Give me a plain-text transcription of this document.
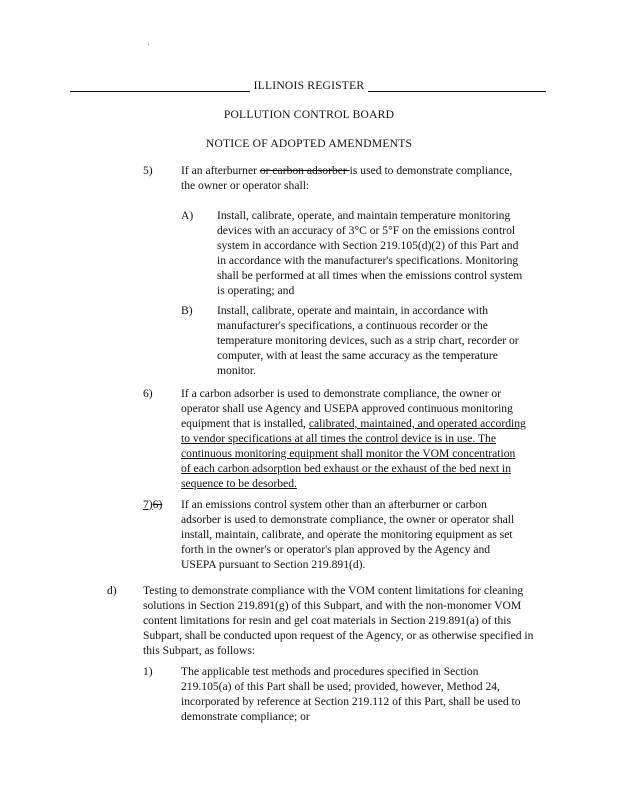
ILLINOIS REGISTER
POLLUTION CONTROL BOARD
NOTICE OF ADOPTED AMENDMENTS
5) If an afterburner or carbon adsorber is used to demonstrate compliance,
the owner or operator shall:

A) Install, calibrate, operate, and maintain temperature monitoring devices with an accuracy of 3°C or 5°F on the emissions control system in accordance with Section 219.105(d)(2) of this Part and in accordance with the manufacturer's specifications. Monitoring shall be performed at all times when the emissions control system is operating; and

B) Install, calibrate, operate and maintain, in accordance with manufacturer's specifications, a continuous recorder or the temperature monitoring devices, such as a strip chart, recorder or computer, with at least the same accuracy as the temperature monitor.

6) If a carbon adsorber is used to demonstrate compliance, the owner or operator shall use Agency and USEPA approved continuous monitoring equipment that is installed, calibrated, maintained, and operated according to vendor specifications at all times the control device is in use. The continuous monitoring equipment shall monitor the VOM concentration of each carbon adsorption bed exhaust or the exhaust of the bed next in sequence to be desorbed.

7)6) If an emissions control system other than an afterburner or carbon adsorber is used to demonstrate compliance, the owner or operator shall install, maintain, calibrate, and operate the monitoring equipment as set forth in the owner's or operator's plan approved by the Agency and USEPA pursuant to Section 219.891(d).

d) Testing to demonstrate compliance with the VOM content limitations for cleaning solutions in Section 219.891(g) of this Subpart, and with the non-monomer VOM content limitations for resin and gel coat materials in Section 219.891(a) of this Subpart, shall be conducted upon request of the Agency, or as otherwise specified in this Subpart, as follows:

1) The applicable test methods and procedures specified in Section 219.105(a) of this Part shall be used; provided, however, Method 24, incorporated by reference at Section 219.112 of this Part, shall be used to demonstrate compliance; or
